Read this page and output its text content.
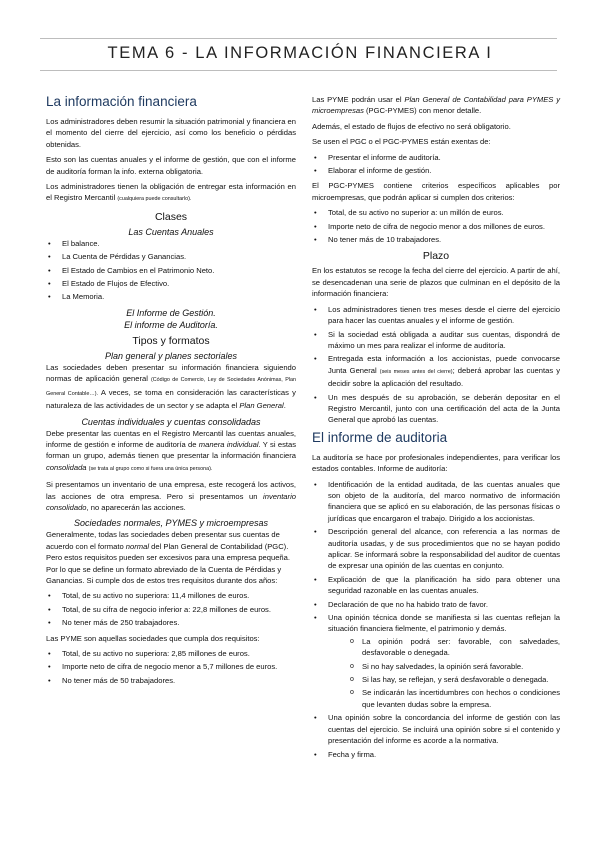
TEMA 6 - LA INFORMACIÓN FINANCIERA I
La información financiera

Los administradores deben resumir la situación patrimonial y financiera en el momento del cierre del ejercicio, así como los beneficio o pérdidas obtenidas.

Esto son las cuentas anuales y el informe de gestión, que con el informe de auditoría forman la info. externa obligatoria.

Los administradores tienen la obligación de entregar esta información en el Registro Mercantil (cualquiera puede consultarlo).

Clases
Las Cuentas Anuales
• El balance.
• La Cuenta de Pérdidas y Ganancias.
• El Estado de Cambios en el Patrimonio Neto.
• El Estado de Flujos de Efectivo.
• La Memoria.
El Informe de Gestión.
El informe de Auditoría.
Tipos y formatos
Plan general y planes sectoriales

Las sociedades deben presentar su información financiera siguiendo normas de aplicación general (Código de Comercio, Ley de Sociedades Anónimas, Plan General Contable…). A veces, se toma en consideración las características y naturaleza de las actividades de un sector y se adapta el Plan General.

Cuentas individuales y cuentas consolidadas

Debe presentar las cuentas en el Registro Mercantil las cuentas anuales, informe de gestión e informe de auditoría de manera individual. Y si estas forman un grupo, además tienen que presentar la información financiera consolidada (se trata al grupo como si fuera una única persona).

Si presentamos un inventario de una empresa, este recogerá los activos, las acciones de otra empresa. Pero si presentamos un inventario consolidado, no aparecerán las acciones.

Sociedades normales, PYMES y microempresas

Generalmente, todas las sociedades deben presentar sus cuentas de acuerdo con el formato normal del Plan General de Contabilidad (PGC). Pero estos requisitos pueden ser excesivos para una empresa pequeña. Por lo que se define un formato abreviado de la Cuenta de Pérdidas y Ganancias. Si cumple dos de estos tres requisitos durante dos años:

• Total, de su activo no superiora: 11,4 millones de euros.
• Total, de su cifra de negocio inferior a: 22,8 millones de euros.
• No tener más de 250 trabajadores.

Las PYME son aquellas sociedades que cumpla dos requisitos:

• Total, de su activo no superiora: 2,85 millones de euros.
• Importe neto de cifra de negocio menor a 5,7 millones de euros.
• No tener más de 50 trabajadores.

Las PYME podrán usar el Plan General de Contabilidad para PYMES y microempresas (PGC-PYMES) con menor detalle.

Además, el estado de flujos de efectivo no será obligatorio.

Se usen el PGC o el PGC-PYMES están exentas de:

• Presentar el informe de auditoría.
• Elaborar el informe de gestión.

El PGC-PYMES contiene criterios específicos aplicables por microempresas, que podrán aplicar si cumplen dos criterios:

• Total, de su activo no superior a: un millón de euros.
• Importe neto de cifra de negocio menor a dos millones de euros.
• No tener más de 10 trabajadores.
Plazo

En los estatutos se recoge la fecha del cierre del ejercicio. A partir de ahí, se desencadenan una serie de plazos que culminan en el depósito de la información financiera:

• Los administradores tienen tres meses desde el cierre del ejercicio para hacer las cuentas anuales y el informe de gestión.
• Si la sociedad está obligada a auditar sus cuentas, dispondrá de máximo un mes para realizar el informe de auditoría.
• Entregada esta información a los accionistas, puede convocarse Junta General (seis meses antes del cierre); deberá aprobar las cuentas y decidir sobre la aplicación del resultado.
• Un mes después de su aprobación, se deberán depositar en el Registro Mercantil, junto con una certificación del acta de la Junta General que aprobó las cuentas.
El informe de auditoria

La auditoría se hace por profesionales independientes, para verificar los estados contables. Informe de auditoría:

• Identificación de la entidad auditada, de las cuentas anuales que son objeto de la auditoría, del marco normativo de información financiera que se aplicó en su elaboración, de las personas físicas o jurídicas que encargaron el trabajo. Dirigido a los accionistas.
• Descripción general del alcance, con referencia a las normas de auditoría usadas, y de sus procedimientos que no se hayan podido aplicar. Se informará sobre la responsabilidad del auditor de cuentas de expresar una opinión de las cuentas en conjunto.
• Explicación de que la planificación ha sido para obtener una seguridad razonable en las cuentas anuales.
• Declaración de que no ha habido trato de favor.
• Una opinión técnica donde se manifiesta si las cuentas reflejan la situación financiera fielmente, el patrimonio y demás.
o La opinión podrá ser: favorable, con salvedades, desfavorable o denegada.
o Si no hay salvedades, la opinión será favorable.
o Si las hay, se reflejan, y será desfavorable o denegada.
o Se indicarán las incertidumbres con hechos o condiciones que levanten dudas sobre la empresa.
• Una opinión sobre la concordancia del informe de gestión con las cuentas del ejercicio. Se incluirá una opinión sobre si el contenido y presentación del informe es acorde a la normativa.
• Fecha y firma.
